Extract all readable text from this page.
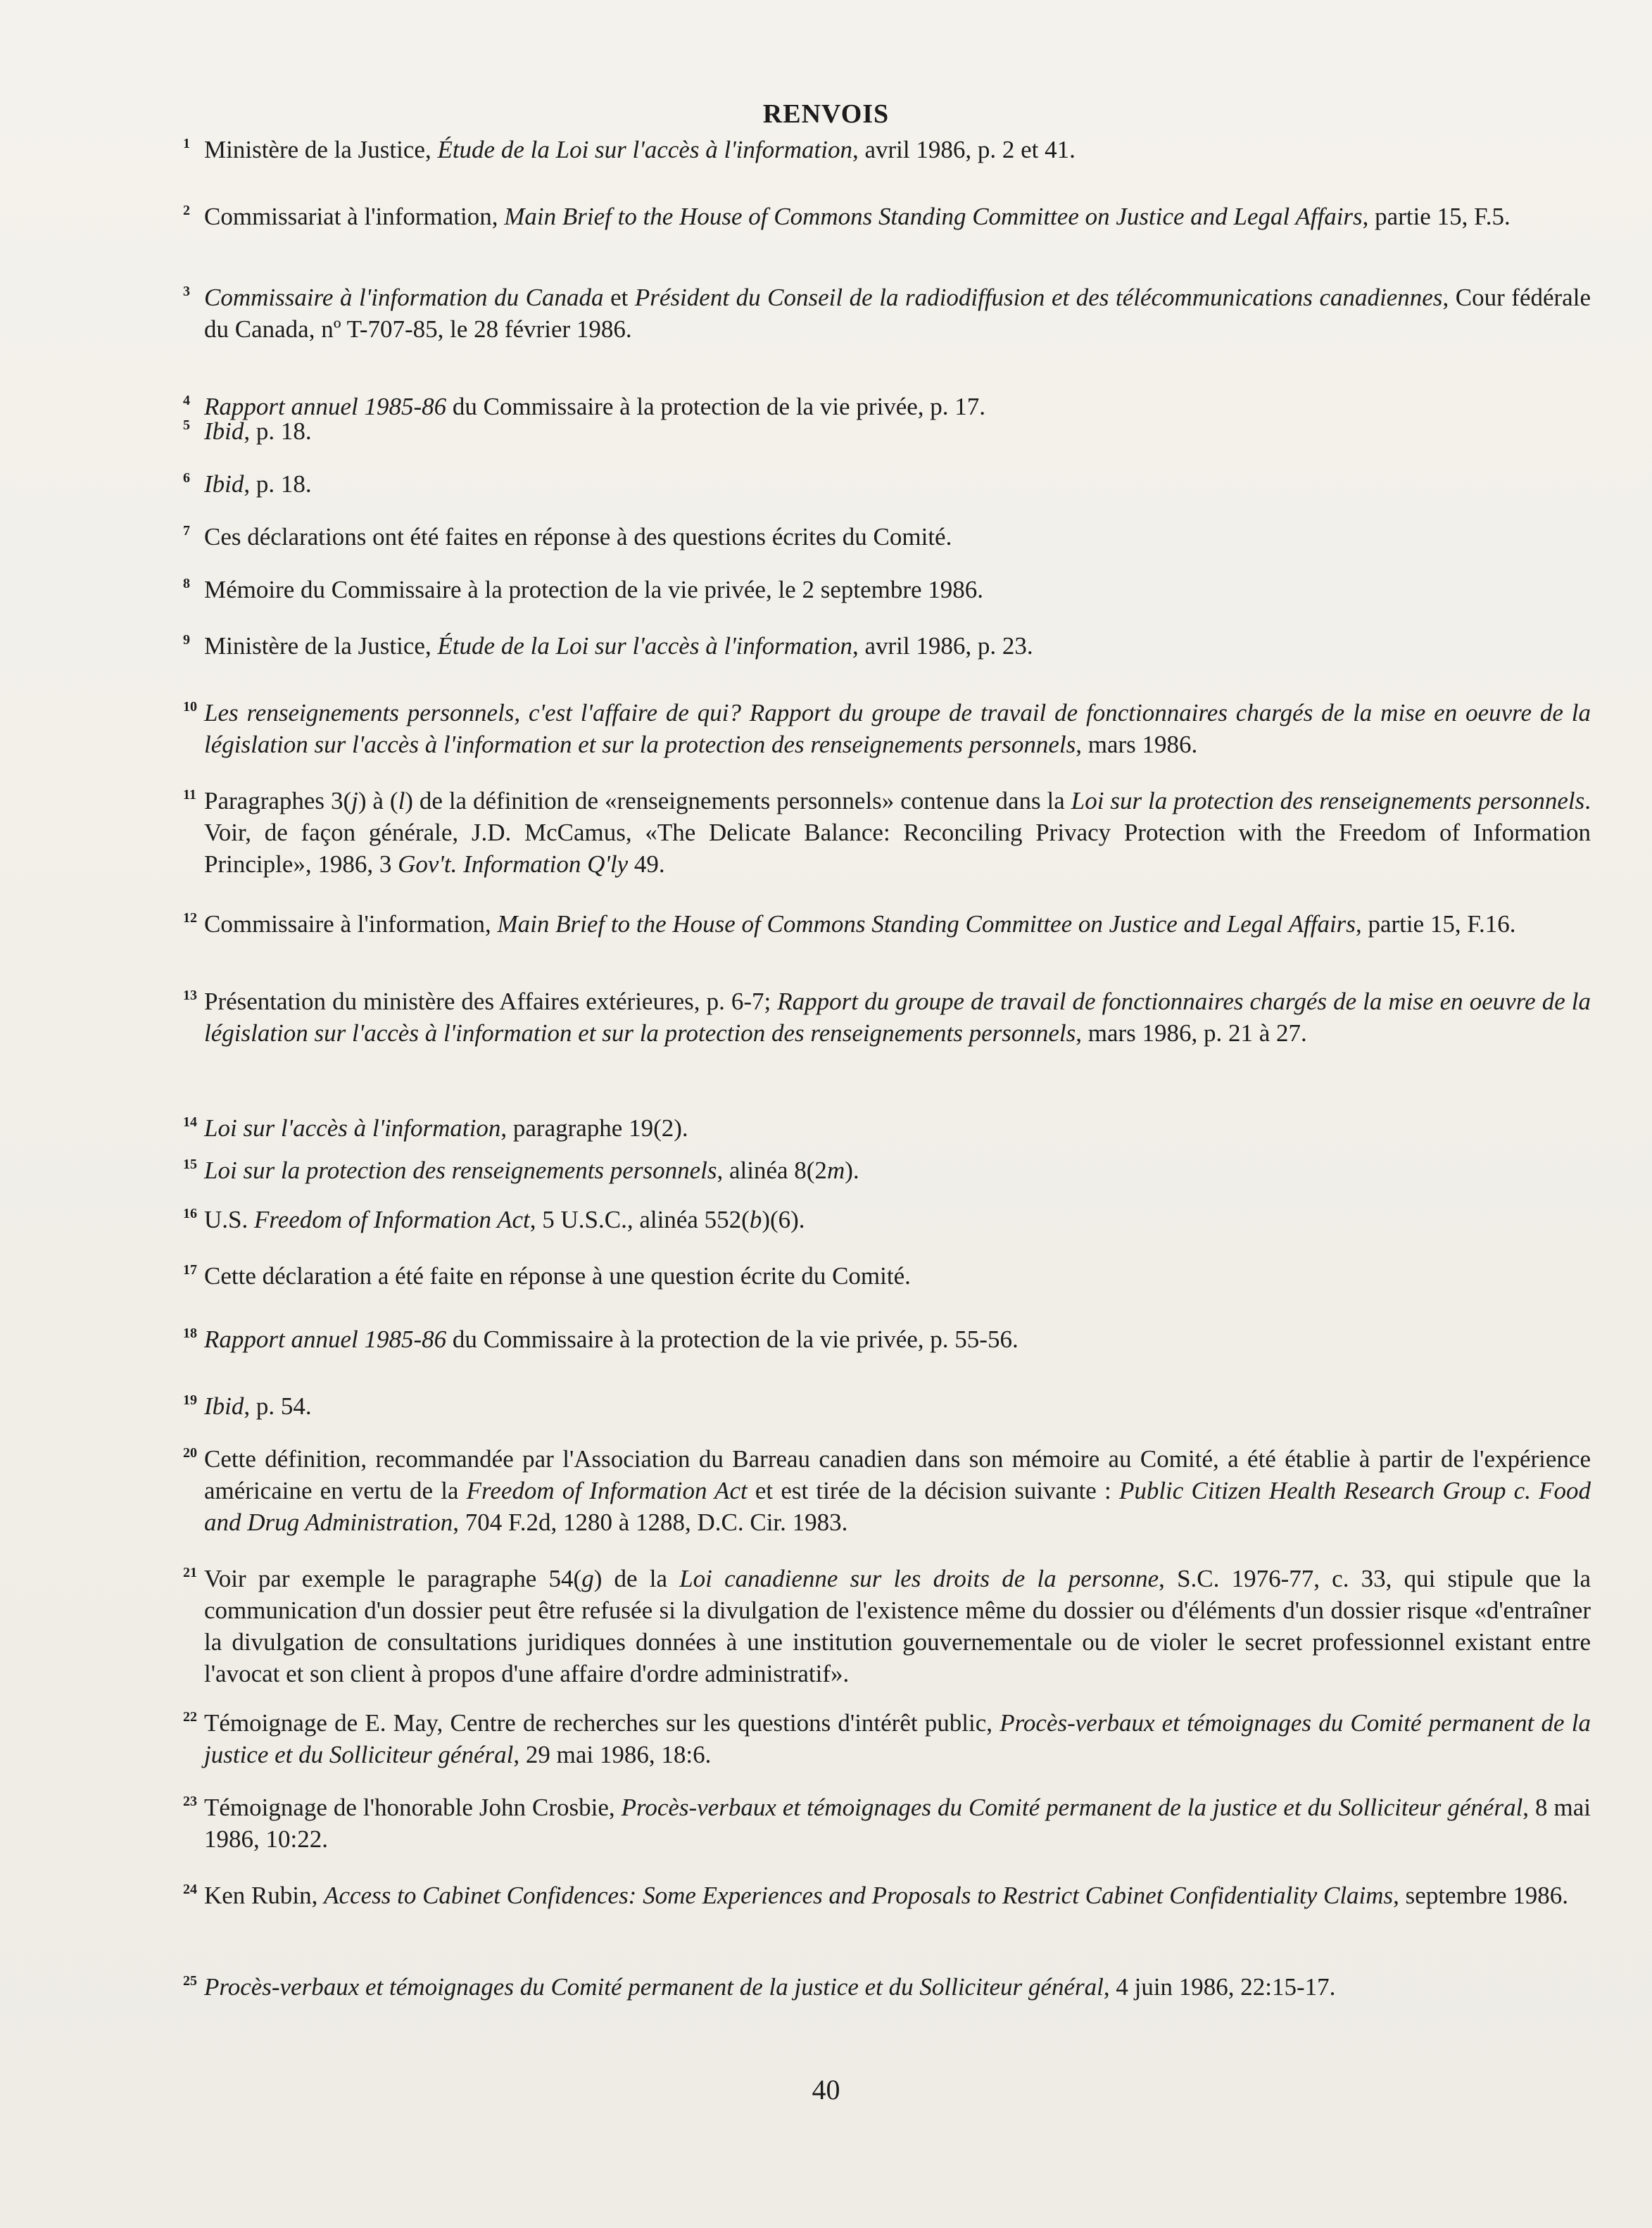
RENVOIS
1 Ministère de la Justice, Étude de la Loi sur l'accès à l'information, avril 1986, p. 2 et 41.
2 Commissariat à l'information, Main Brief to the House of Commons Standing Committee on Justice and Legal Affairs, partie 15, F.5.
3 Commissaire à l'information du Canada et Président du Conseil de la radiodiffusion et des télécommunications canadiennes, Cour fédérale du Canada, nº T-707-85, le 28 février 1986.
4 Rapport annuel 1985-86 du Commissaire à la protection de la vie privée, p. 17.
5 Ibid, p. 18.
6 Ibid, p. 18.
7 Ces déclarations ont été faites en réponse à des questions écrites du Comité.
8 Mémoire du Commissaire à la protection de la vie privée, le 2 septembre 1986.
9 Ministère de la Justice, Étude de la Loi sur l'accès à l'information, avril 1986, p. 23.
10 Les renseignements personnels, c'est l'affaire de qui? Rapport du groupe de travail de fonctionnaires chargés de la mise en oeuvre de la législation sur l'accès à l'information et sur la protection des renseignements personnels, mars 1986.
11 Paragraphes 3(j) à (l) de la définition de «renseignements personnels» contenue dans la Loi sur la protection des renseignements personnels. Voir, de façon générale, J.D. McCamus, «The Delicate Balance: Reconciling Privacy Protection with the Freedom of Information Principle», 1986, 3 Gov't. Information Q'ly 49.
12 Commissaire à l'information, Main Brief to the House of Commons Standing Committee on Justice and Legal Affairs, partie 15, F.16.
13 Présentation du ministère des Affaires extérieures, p. 6-7; Rapport du groupe de travail de fonctionnaires chargés de la mise en oeuvre de la législation sur l'accès à l'information et sur la protection des renseignements personnels, mars 1986, p. 21 à 27.
14 Loi sur l'accès à l'information, paragraphe 19(2).
15 Loi sur la protection des renseignements personnels, alinéa 8(2m).
16 U.S. Freedom of Information Act, 5 U.S.C., alinéa 552(b)(6).
17 Cette déclaration a été faite en réponse à une question écrite du Comité.
18 Rapport annuel 1985-86 du Commissaire à la protection de la vie privée, p. 55-56.
19 Ibid, p. 54.
20 Cette définition, recommandée par l'Association du Barreau canadien dans son mémoire au Comité, a été établie à partir de l'expérience américaine en vertu de la Freedom of Information Act et est tirée de la décision suivante : Public Citizen Health Research Group c. Food and Drug Administration, 704 F.2d, 1280 à 1288, D.C. Cir. 1983.
21 Voir par exemple le paragraphe 54(g) de la Loi canadienne sur les droits de la personne, S.C. 1976-77, c. 33, qui stipule que la communication d'un dossier peut être refusée si la divulgation de l'existence même du dossier ou d'éléments d'un dossier risque «d'entraîner la divulgation de consultations juridiques données à une institution gouvernementale ou de violer le secret professionnel existant entre l'avocat et son client à propos d'une affaire d'ordre administratif».
22 Témoignage de E. May, Centre de recherches sur les questions d'intérêt public, Procès-verbaux et témoignages du Comité permanent de la justice et du Solliciteur général, 29 mai 1986, 18:6.
23 Témoignage de l'honorable John Crosbie, Procès-verbaux et témoignages du Comité permanent de la justice et du Solliciteur général, 8 mai 1986, 10:22.
24 Ken Rubin, Access to Cabinet Confidences: Some Experiences and Proposals to Restrict Cabinet Confidentiality Claims, septembre 1986.
25 Procès-verbaux et témoignages du Comité permanent de la justice et du Solliciteur général, 4 juin 1986, 22:15-17.
40
